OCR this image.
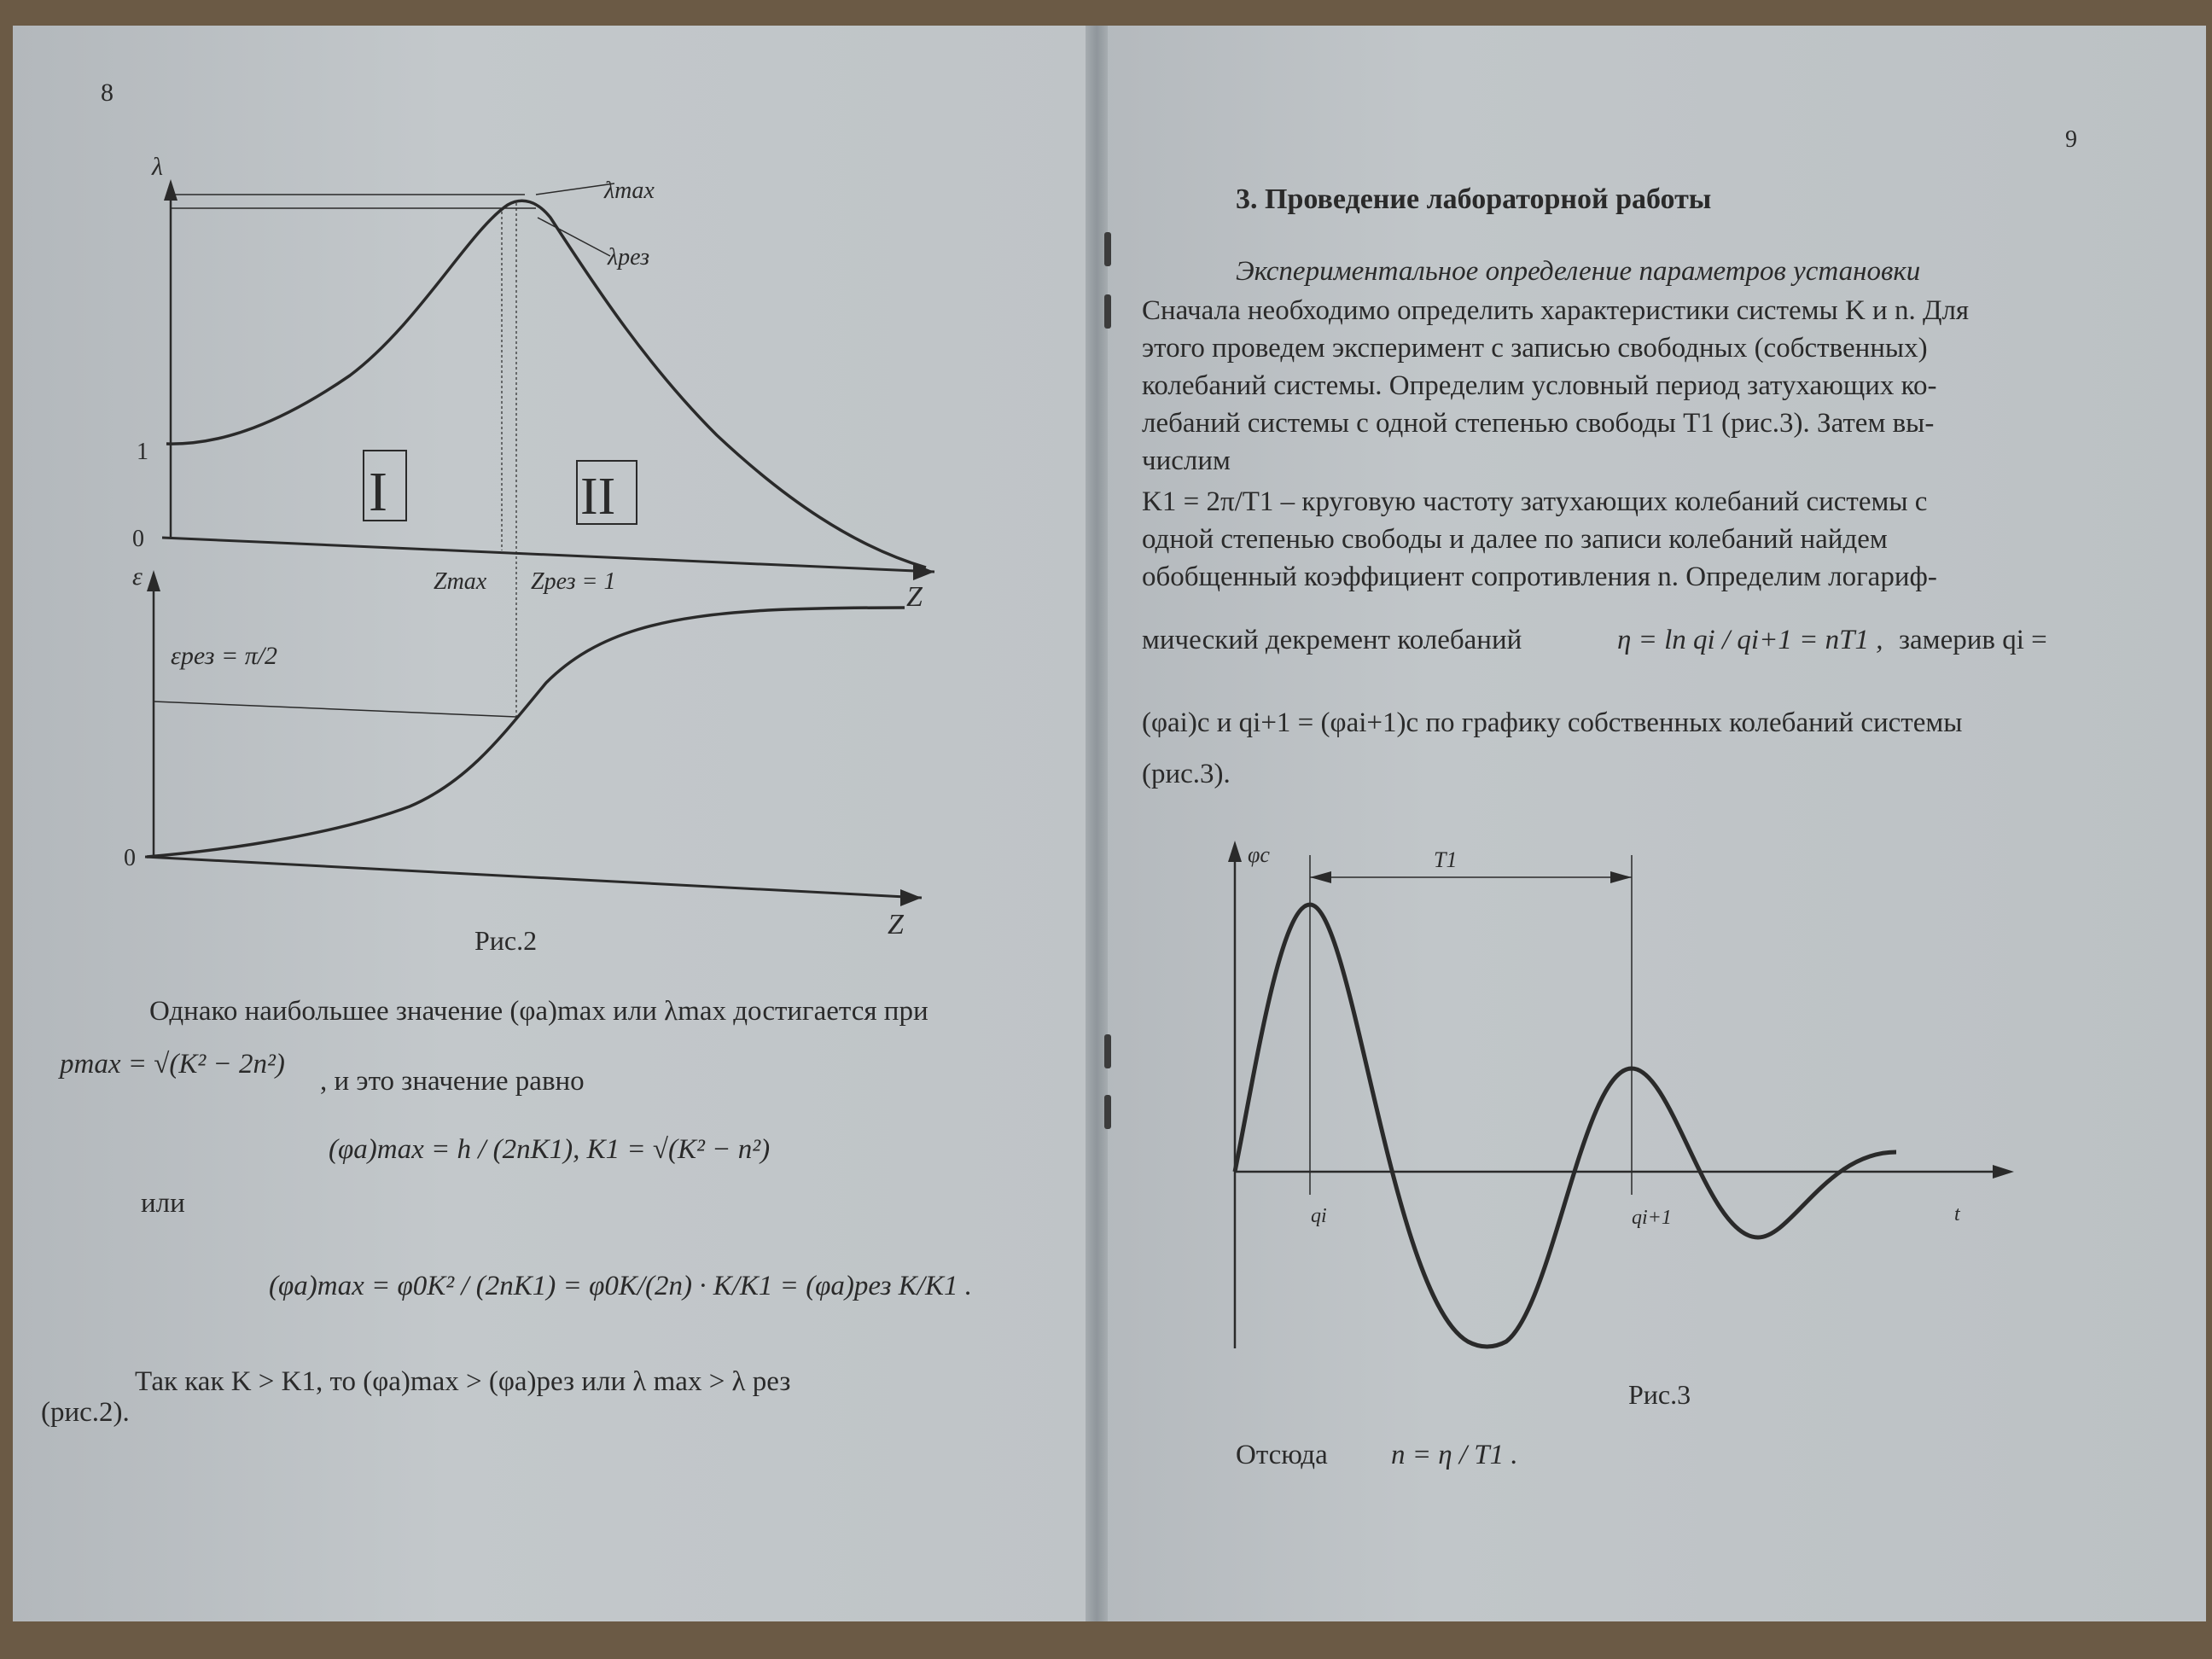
8
λ
1
0
λmax
λрез
I	II
Zmax Zрез = 1	Z
ε
εрез = π/2
0
Z
Рис.2
Однако наибольшее значение (φa)max или λmax достигается при
pmax = √(K² − 2n²)
, и это значение равно
(φa)max = h / (2nK1), K1 = √(K² − n²)
или
(φa)max = φ0K² / (2nK1) = φ0K/(2n) · K/K1 = (φa)рез K/K1 .
Так как K > K1, то (φa)max > (φa)рез или λ max > λ рез
(рис.2).
9
3. Проведение лабораторной работы
Экспериментальное определение параметров установки
Сначала необходимо определить характеристики системы K и n. Для
этого проведем эксперимент с записью свободных (собственных)
колебаний системы. Определим условный период затухающих ко-
лебаний системы с одной степенью свободы T1 (рис.3). Затем вы-
числим
K1 = 2π/T1 – круговую частоту затухающих колебаний системы с
одной степенью свободы и далее по записи колебаний найдем
обобщенный коэффициент сопротивления n. Определим логариф-
мический декремент колебаний	η = ln qi / qi+1 = nT1 , замерив qi =
(φai)c и qi+1 = (φai+1)c по графику собственных колебаний системы
(рис.3).
φc	T1
qi	qi+1	t
Рис.3
Отсюда n = η / T1 .
